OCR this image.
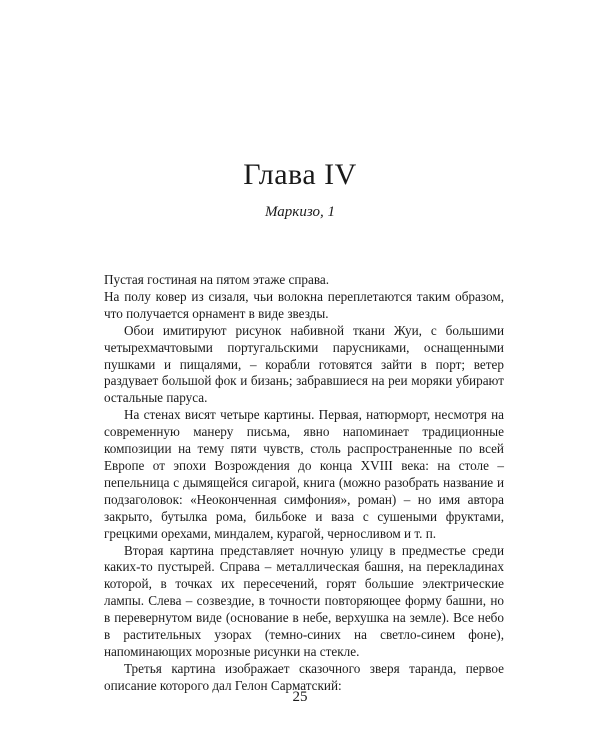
Глава IV
Маркизо, 1

Пустая гостиная на пятом этаже справа.

На полу ковер из сизаля, чьи волокна переплетаются таким образом, что получается орнамент в виде звезды.

Обои имитируют рисунок набивной ткани Жуи, с большими четырехмачтовыми португальскими парусниками, оснащенными пушками и пищалями, – корабли готовятся зайти в порт; ветер раздувает большой фок и бизань; забравшиеся на реи моряки убирают остальные паруса.

На стенах висят четыре картины. Первая, натюрморт, несмотря на современную манеру письма, явно напоминает традиционные композиции на тему пяти чувств, столь распространенные по всей Европе от эпохи Возрождения до конца XVIII века: на столе – пепельница с дымящейся сигарой, книга (можно разобрать название и подзаголовок: «Неоконченная симфония», роман) – но имя автора закрыто, бутылка рома, бильбоке и ваза с сушеными фруктами, грецкими орехами, миндалем, курагой, черносливом и т. п.

Вторая картина представляет ночную улицу в предместье среди каких-то пустырей. Справа – металлическая башня, на перекладинах которой, в точках их пересечений, горят большие электрические лампы. Слева – созвездие, в точности повторяющее форму башни, но в перевернутом виде (основание в небе, верхушка на земле). Все небо в растительных узорах (темно-синих на светло-синем фоне), напоминающих морозные рисунки на стекле.

Третья картина изображает сказочного зверя таранда, первое описание которого дал Гелон Сарматский:

25
